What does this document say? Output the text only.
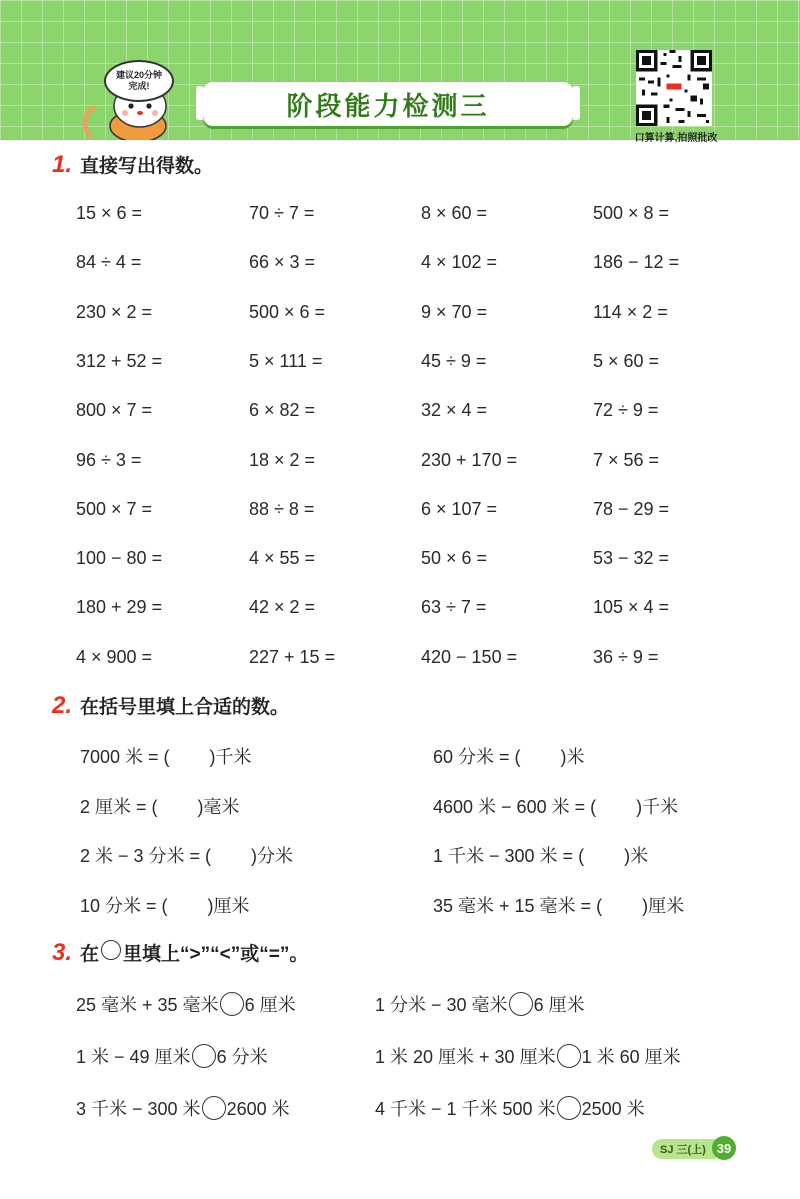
建议20分钟
完成!
阶段能力检测三
口算计算,拍照批改
1. 直接写出得数。
15 × 6 =	70 ÷ 7 =	8 × 60 =	500 × 8 =
84 ÷ 4 =	66 × 3 =	4 × 102 =	186 − 12 =
230 × 2 =	500 × 6 =	9 × 70 =	114 × 2 =
312 + 52 =	5 × 111 =	45 ÷ 9 =	5 × 60 =
800 × 7 =	6 × 82 =	32 × 4 =	72 ÷ 9 =
96 ÷ 3 =	18 × 2 =	230 + 170 =	7 × 56 =
500 × 7 =	88 ÷ 8 =	6 × 107 =	78 − 29 =
100 − 80 =	4 × 55 =	50 × 6 =	53 − 32 =
180 + 29 =	42 × 2 =	63 ÷ 7 =	105 × 4 =
4 × 900 =	227 + 15 =	420 − 150 =	36 ÷ 9 =
2. 在括号里填上合适的数。
7000 米 = (        )千米	60 分米 = (        )米
2 厘米 = (        )毫米	4600 米 − 600 米 = (        )千米
2 米 − 3 分米 = (        )分米	1 千米 − 300 米 = (        )米
10 分米 = (        )厘米	35 毫米 + 15 毫米 = (        )厘米
3. 在 里填上“>”“<”或“=”。
25 毫米 + 35 毫米 6 厘米	1 分米 − 30 毫米 6 厘米
1 米 − 49 厘米 6 分米	1 米 20 厘米 + 30 厘米 1 米 60 厘米
3 千米 − 300 米 2600 米	4 千米 − 1 千米 500 米 2500 米
SJ 三(上) 39
